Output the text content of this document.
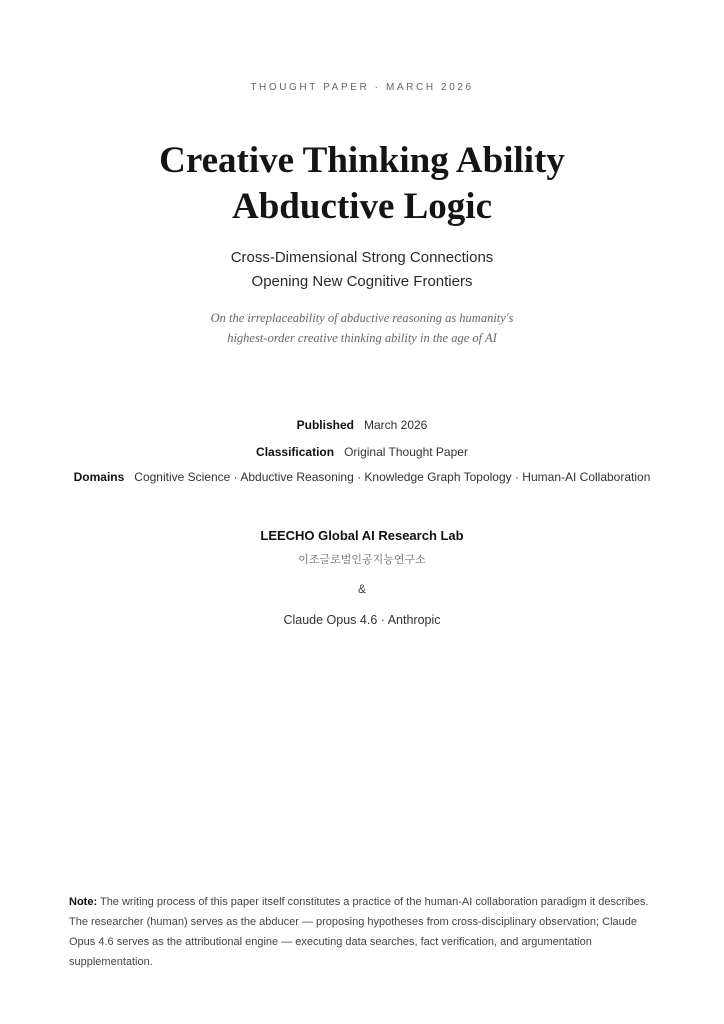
THOUGHT PAPER · MARCH 2026
Creative Thinking Ability
Abductive Logic
Cross-Dimensional Strong Connections
Opening New Cognitive Frontiers
On the irreplaceability of abductive reasoning as humanity's
highest-order creative thinking ability in the age of AI
Published March 2026
Classification Original Thought Paper
Domains Cognitive Science · Abductive Reasoning · Knowledge Graph Topology · Human-AI Collaboration
LEECHO Global AI Research Lab
이조글로벌인공지능연구소
&
Claude Opus 4.6 · Anthropic
Note: The writing process of this paper itself constitutes a practice of the human-AI collaboration paradigm it describes. The researcher (human) serves as the abducer — proposing hypotheses from cross-disciplinary observation; Claude Opus 4.6 serves as the attributional engine — executing data searches, fact verification, and argumentation supplementation.
